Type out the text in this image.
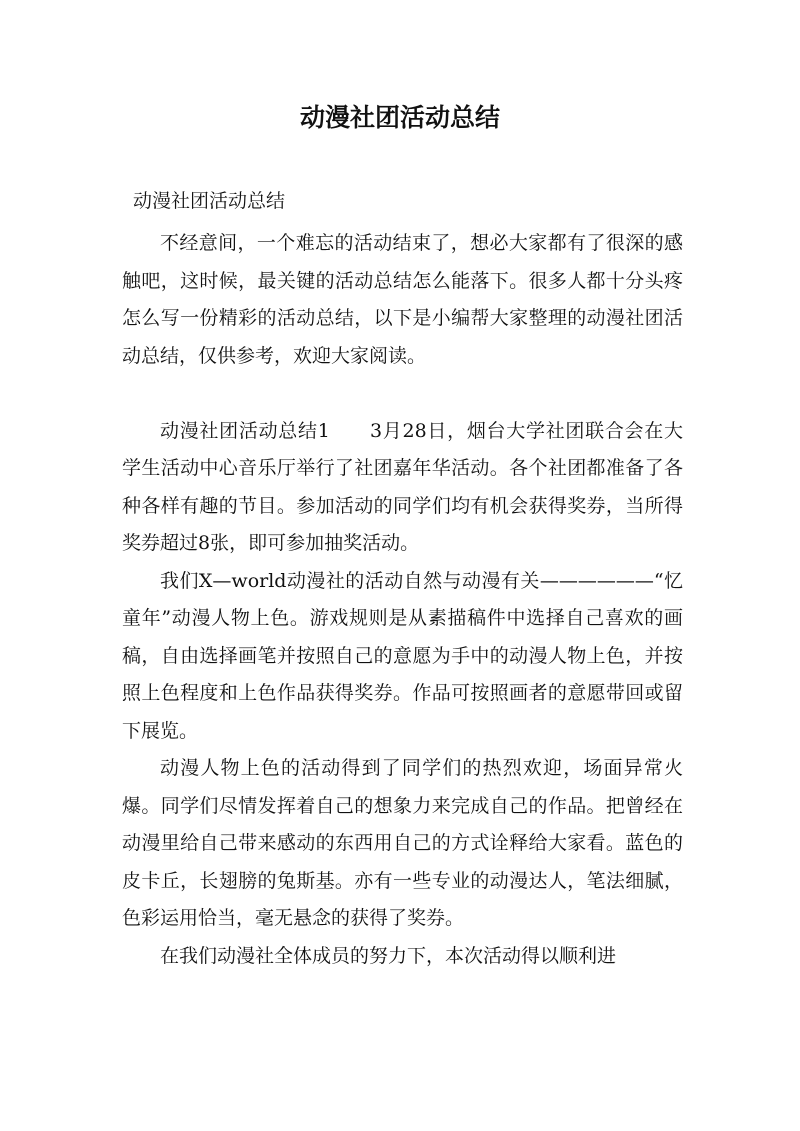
动漫社团活动总结
动漫社团活动总结

不经意间，一个难忘的活动结束了，想必大家都有了很深的感触吧，这时候，最关键的活动总结怎么能落下。很多人都十分头疼怎么写一份精彩的活动总结，以下是小编帮大家整理的动漫社团活动总结，仅供参考，欢迎大家阅读。

动漫社团活动总结1　　3月28日，烟台大学社团联合会在大学生活动中心音乐厅举行了社团嘉年华活动。各个社团都准备了各种各样有趣的节目。参加活动的同学们均有机会获得奖券，当所得奖券超过8张，即可参加抽奖活动。

我们X—world动漫社的活动自然与动漫有关——————“忆童年”动漫人物上色。游戏规则是从素描稿件中选择自己喜欢的画稿，自由选择画笔并按照自己的意愿为手中的动漫人物上色，并按照上色程度和上色作品获得奖券。作品可按照画者的意愿带回或留下展览。

动漫人物上色的活动得到了同学们的热烈欢迎，场面异常火爆。同学们尽情发挥着自己的想象力来完成自己的作品。把曾经在动漫里给自己带来感动的东西用自己的方式诠释给大家看。蓝色的皮卡丘，长翅膀的兔斯基。亦有一些专业的动漫达人，笔法细腻，色彩运用恰当，毫无悬念的获得了奖券。

在我们动漫社全体成员的努力下，本次活动得以顺利进
